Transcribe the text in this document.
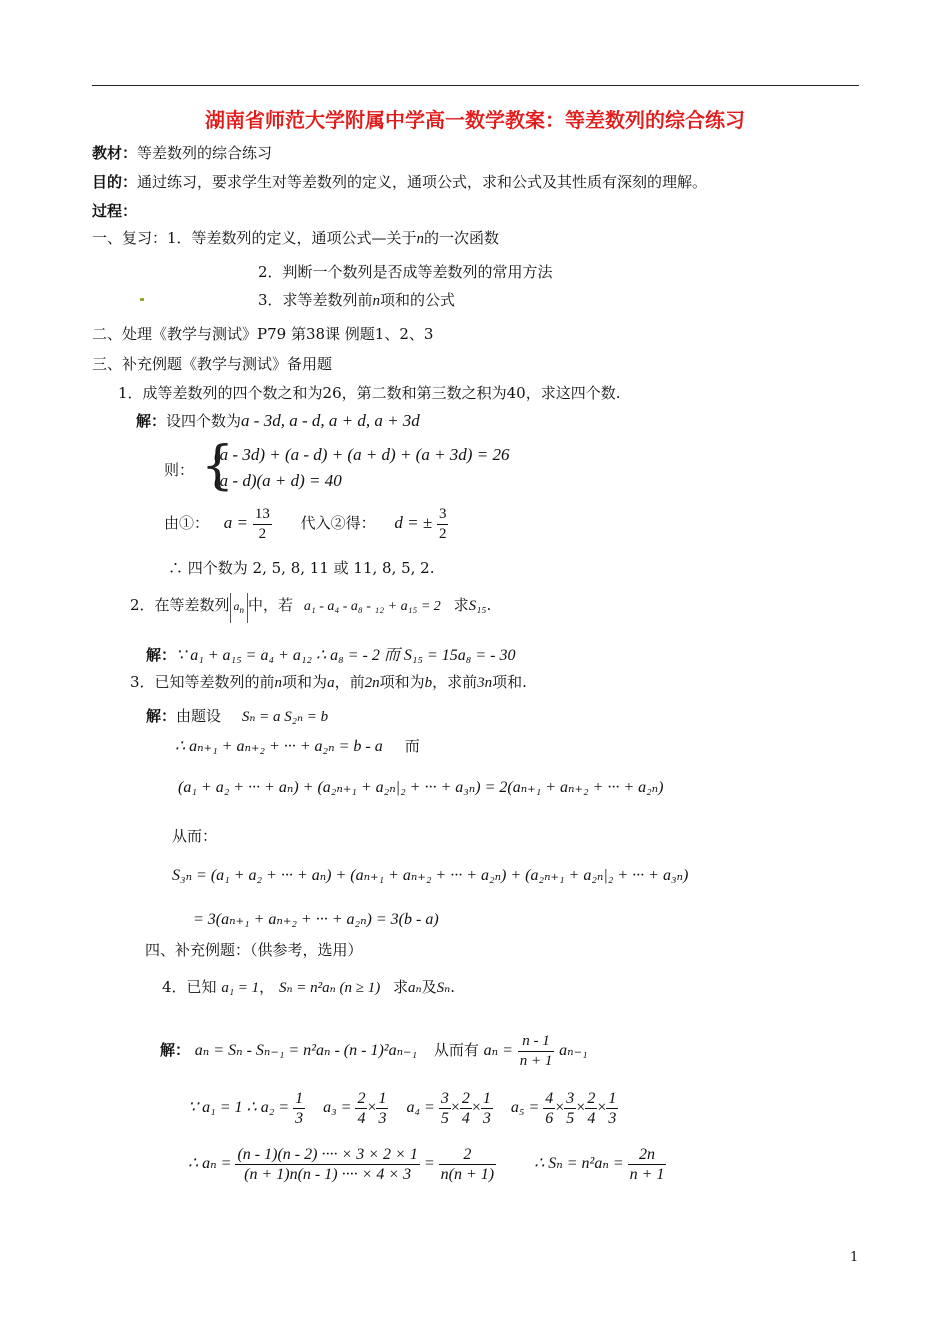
湖南省师范大学附属中学高一数学教案：等差数列的综合练习
教材：等差数列的综合练习
目的：通过练习，要求学生对等差数列的定义，通项公式，求和公式及其性质有深刻的理解。
过程：
一、复习：1．等差数列的定义，通项公式—关于n的一次函数
2．判断一个数列是否成等差数列的常用方法
3．求等差数列前n项和的公式
二、处理《教学与测试》P79 第38课 例题1、2、3
三、补充例题《教学与测试》备用题
1．成等差数列的四个数之和为26，第二数和第三数之积为40，求这四个数.
解：设四个数为a - 3d, a - d, a + d, a + 3d
则： {
(a - 3d) + (a - d) + (a + d) + (a + 3d) = 26
(a - d)(a + d) = 40
由①： $a = \frac{13}{2}$ 代入②得： d = ± $\frac{3}{2}$
∴ 四个数为 2, 5, 8, 11 或 11, 8, 5, 2.
2．在等差数列 $a_n$ 中，若 a₁ - a₄ - a₈ - ₁₂ + a₁₅ = 2 求S₁₅.
解：∵ a₁ + a₁₅ = a₄ + a₁₂ ∴ a₈ = - 2 而 S₁₅ = 15a₈ = - 30
3．已知等差数列的前n项和为a，前2n项和为b，求前3n项和.
解：由题设 Sₙ = a S₂ₙ = b
∴ aₙ₊₁ + aₙ₊₂ + ··· + a₂ₙ = b - a 而
(a₁ + a₂ + ··· + aₙ) + (a₂ₙ₊₁ + a₂ₙ|₂ + ··· + a₃ₙ) = 2(aₙ₊₁ + aₙ₊₂ + ··· + a₂ₙ)
从而：
S₃ₙ = (a₁ + a₂ + ··· + aₙ) + (aₙ₊₁ + aₙ₊₂ + ··· + a₂ₙ) + (a₂ₙ₊₁ + a₂ₙ|₂ + ··· + a₃ₙ)
= 3(aₙ₊₁ + aₙ₊₂ + ··· + a₂ₙ) = 3(b - a)
四、补充例题：（供参考，选用）
4．已知 a₁ = 1， Sₙ = n²aₙ (n ≥ 1) 求aₙ及Sₙ.
解： aₙ = Sₙ - Sₙ₋₁ = n²aₙ - (n - 1)²aₙ₋₁ 从而有 $a_n = \frac{n - 1}{n + 1} a_{n-1}$
∵ a₁ = 1 ∴ $a_2 = \frac{1}{3} a_3 = \frac{2}{4} \times \frac{1}{3} a_4 = \frac{3}{5} \times \frac{2}{4} \times \frac{1}{3} a_5 = \frac{4}{6} \times \frac{3}{5} \times \frac{2}{4} \times \frac{1}{3}$
∴ $a_n = \frac{(n - 1)(n - 2) \cdot\cdot\cdot\cdot \times 3 \times 2 \times 1}{(n + 1)n(n - 1) \cdot\cdot\cdot\cdot \times 4 \times 3} = \frac{2}{n(n + 1)}$ ∴ $S_n = n^2a_n = \frac{2n}{n + 1}$
1
